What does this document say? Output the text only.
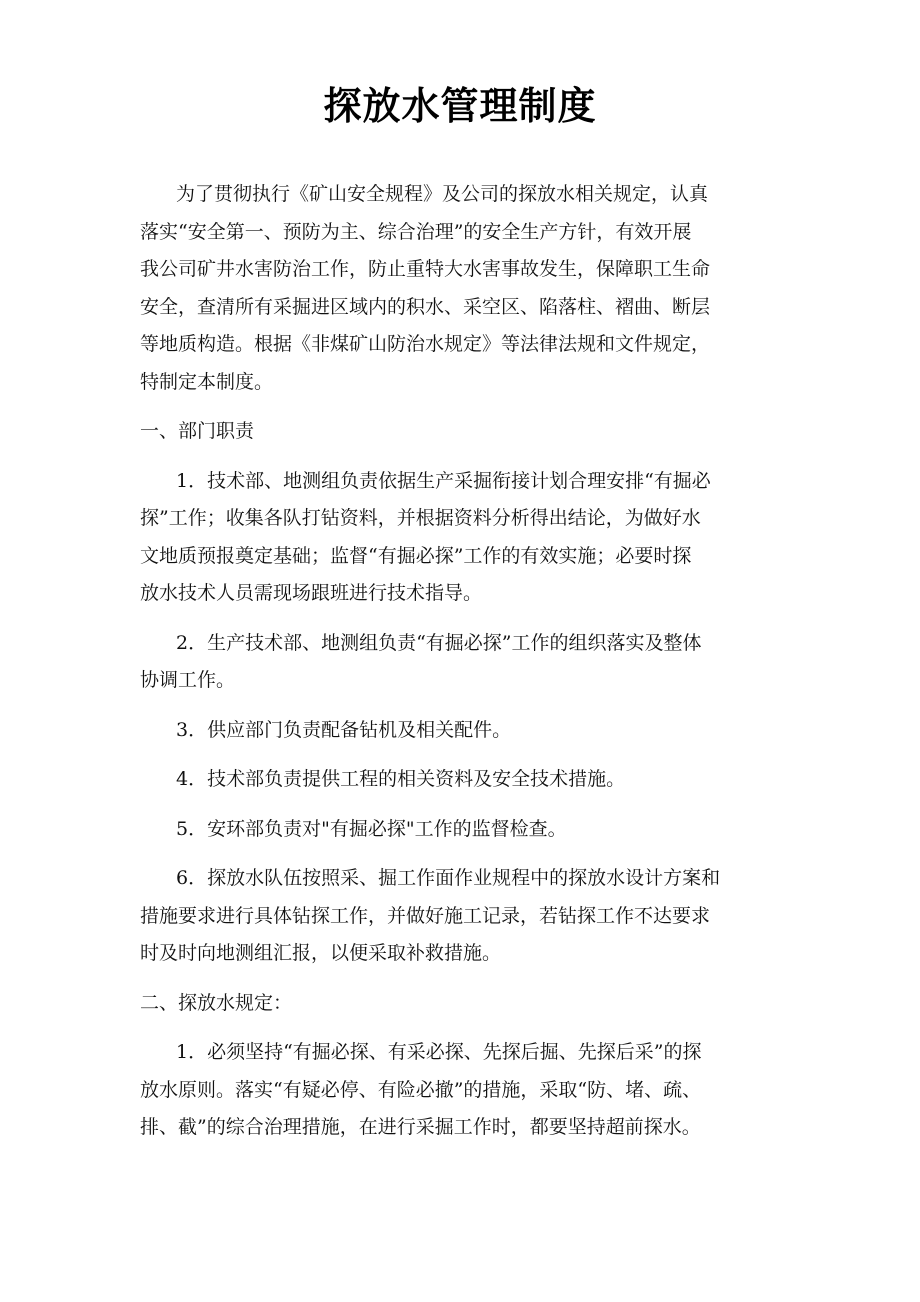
探放水管理制度

为了贯彻执行《矿山安全规程》及公司的探放水相关规定，认真
落实“安全第一、预防为主、综合治理”的安全生产方针，有效开展
我公司矿井水害防治工作，防止重特大水害事故发生，保障职工生命
安全，查清所有采掘进区域内的积水、采空区、陷落柱、褶曲、断层
等地质构造。根据《非煤矿山防治水规定》等法律法规和文件规定，
特制定本制度。

一、部门职责

1．技术部、地测组负责依据生产采掘衔接计划合理安排“有掘必
探”工作；收集各队打钻资料，并根据资料分析得出结论，为做好水
文地质预报奠定基础；监督“有掘必探”工作的有效实施；必要时探
放水技术人员需现场跟班进行技术指导。

2．生产技术部、地测组负责“有掘必探”工作的组织落实及整体
协调工作。

3．供应部门负责配备钻机及相关配件。

4．技术部负责提供工程的相关资料及安全技术措施。

5．安环部负责对"有掘必探"工作的监督检查。

6．探放水队伍按照采、掘工作面作业规程中的探放水设计方案和
措施要求进行具体钻探工作，并做好施工记录，若钻探工作不达要求
时及时向地测组汇报，以便采取补救措施。

二、探放水规定：

1．必须坚持“有掘必探、有采必探、先探后掘、先探后采”的探
放水原则。落实“有疑必停、有险必撤”的措施，采取“防、堵、疏、
排、截”的综合治理措施，在进行采掘工作时，都要坚持超前探水。
